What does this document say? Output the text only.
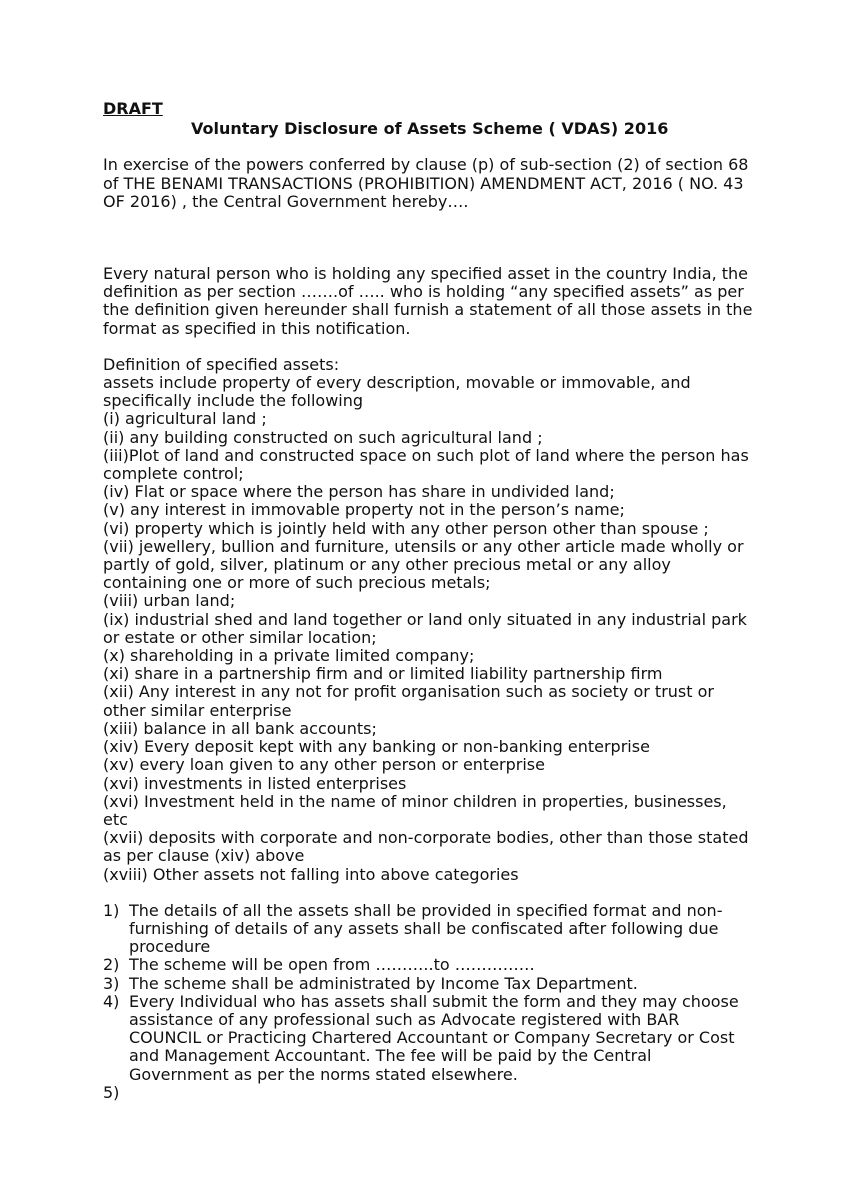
DRAFT

Voluntary Disclosure of Assets Scheme ( VDAS) 2016

In exercise of the powers conferred by clause (p) of sub-section (2) of section 68 of THE BENAMI TRANSACTIONS (PROHIBITION) AMENDMENT ACT, 2016 ( NO. 43 OF 2016) , the Central Government hereby….

Every natural person who is holding any specified asset in the country India, the definition as per section …….of ….. who is holding “any specified assets” as per the definition given hereunder shall furnish a statement of all those assets in the format as specified in this notification.

Definition of specified assets:

assets include property of every description, movable or immovable, and specifically include the following

(i) agricultural land ;
(ii) any building constructed on such agricultural land ;
(iii)Plot of land and constructed space on such plot of land where the person has complete control;
(iv) Flat or space where the person has share in undivided land;
(v) any interest in immovable property not in the person’s name;
(vi) property which is jointly held with any other person other than spouse ;
(vii) jewellery, bullion and furniture, utensils or any other article made wholly or partly of gold, silver, platinum or any other precious metal or any alloy containing one or more of such precious metals;
(viii) urban land;
(ix) industrial shed and land together or land only situated in any industrial park or estate or other similar location;
(x) shareholding in a private limited company;
(xi) share in a partnership firm and or limited liability partnership firm
(xii) Any interest in any not for profit organisation such as society or trust or other similar enterprise
(xiii) balance in all bank accounts;
(xiv) Every deposit kept with any banking or non-banking enterprise
(xv) every loan given to any other person or enterprise
(xvi) investments in listed enterprises
(xvi) Investment held in the name of minor children in properties, businesses, etc
(xvii) deposits with corporate and non-corporate bodies, other than those stated as per clause (xiv) above
(xviii) Other assets not falling into above categories
1) The details of all the assets shall be provided in specified format and non-furnishing of details of any assets shall be confiscated after following due procedure
2) The scheme will be open from ………..to ……………
3) The scheme shall be administrated by Income Tax Department.
4) Every Individual who has assets shall submit the form and they may choose assistance of any professional such as Advocate registered with BAR COUNCIL or Practicing Chartered Accountant or Company Secretary or Cost and Management Accountant. The fee will be paid by the Central Government as per the norms stated elsewhere.
5)
